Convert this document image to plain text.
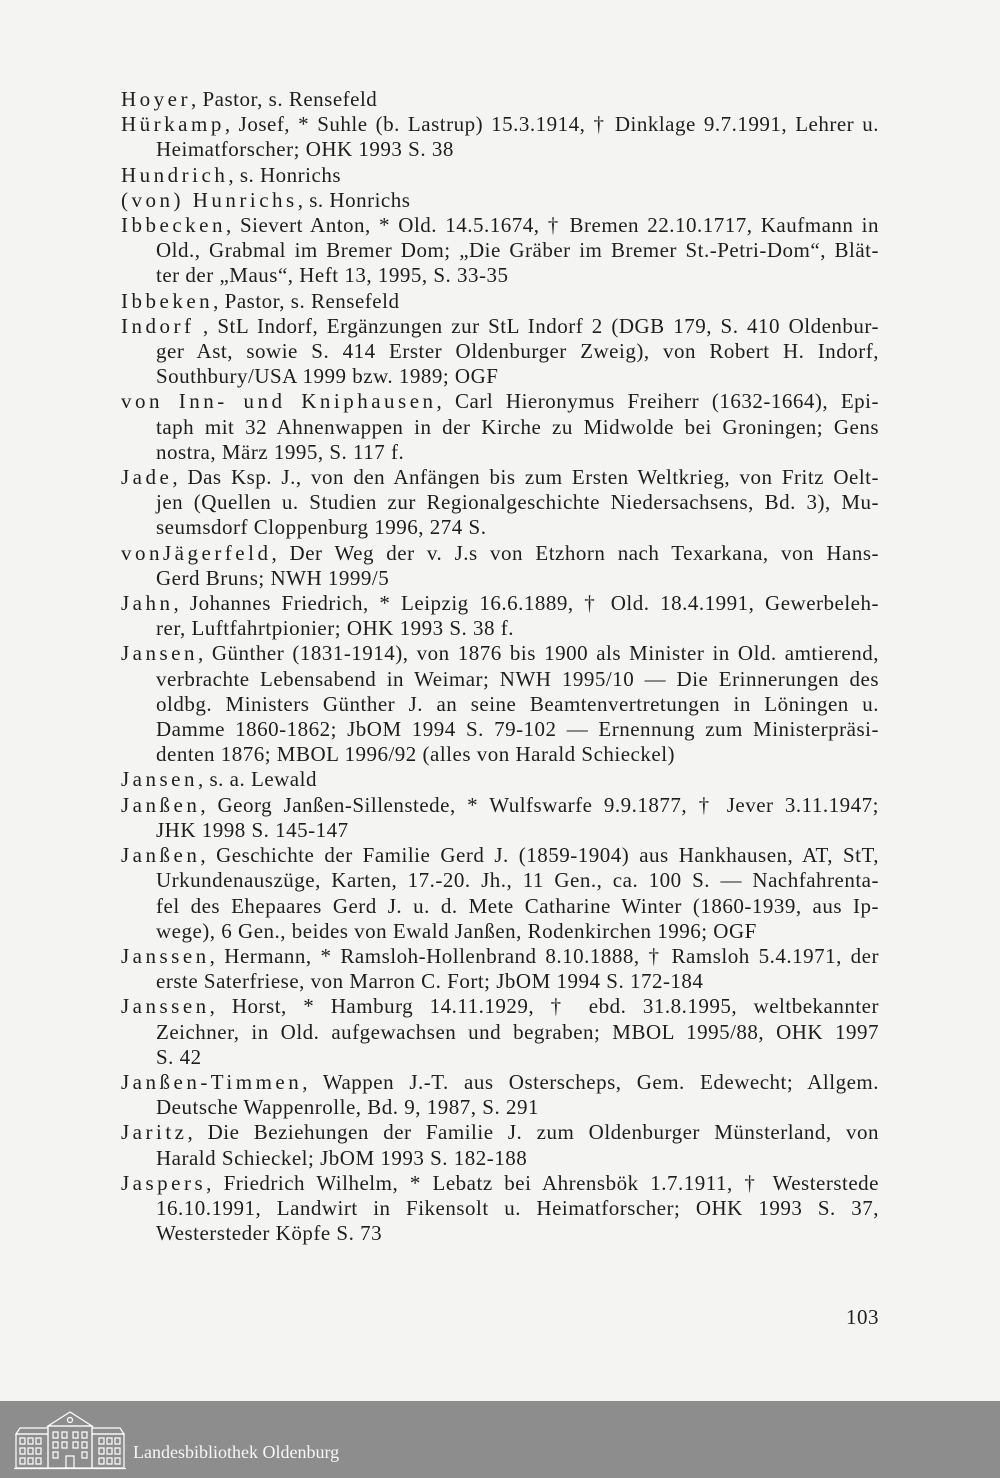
Hoyer, Pastor, s. Rensefeld
Hürkamp, Josef, * Suhle (b. Lastrup) 15.3.1914, † Dinklage 9.7.1991, Lehrer u.
Heimatforscher; OHK 1993 S. 38
Hundrich, s. Honrichs
(von) Hunrichs, s. Honrichs
Ibbecken, Sievert Anton, * Old. 14.5.1674, † Bremen 22.10.1717, Kaufmann in
Old., Grabmal im Bremer Dom; „Die Gräber im Bremer St.-Petri-Dom“, Blät-
ter der „Maus“, Heft 13, 1995, S. 33-35
Ibbeken, Pastor, s. Rensefeld
Indorf , StL Indorf, Ergänzungen zur StL Indorf 2 (DGB 179, S. 410 Oldenbur-
ger Ast, sowie S. 414 Erster Oldenburger Zweig), von Robert H. Indorf,
Southbury/USA 1999 bzw. 1989; OGF
von Inn- und Kniphausen, Carl Hieronymus Freiherr (1632-1664), Epi-
taph mit 32 Ahnenwappen in der Kirche zu Midwolde bei Groningen; Gens
nostra, März 1995, S. 117 f.
Jade, Das Ksp. J., von den Anfängen bis zum Ersten Weltkrieg, von Fritz Oelt-
jen (Quellen u. Studien zur Regionalgeschichte Niedersachsens, Bd. 3), Mu-
seumsdorf Cloppenburg 1996, 274 S.
vonJägerfeld, Der Weg der v. J.s von Etzhorn nach Texarkana, von Hans-
Gerd Bruns; NWH 1999/5
Jahn, Johannes Friedrich, * Leipzig 16.6.1889, † Old. 18.4.1991, Gewerbeleh-
rer, Luftfahrtpionier; OHK 1993 S. 38 f.
Jansen, Günther (1831-1914), von 1876 bis 1900 als Minister in Old. amtierend,
verbrachte Lebensabend in Weimar; NWH 1995/10 — Die Erinnerungen des
oldbg. Ministers Günther J. an seine Beamtenvertretungen in Löningen u.
Damme 1860-1862; JbOM 1994 S. 79-102 — Ernennung zum Ministerpräsi-
denten 1876; MBOL 1996/92 (alles von Harald Schieckel)
Jansen, s. a. Lewald
Janßen, Georg Janßen-Sillenstede, * Wulfswarfe 9.9.1877, † Jever 3.11.1947;
JHK 1998 S. 145-147
Janßen, Geschichte der Familie Gerd J. (1859-1904) aus Hankhausen, AT, StT,
Urkundenauszüge, Karten, 17.-20. Jh., 11 Gen., ca. 100 S. — Nachfahrenta-
fel des Ehepaares Gerd J. u. d. Mete Catharine Winter (1860-1939, aus Ip-
wege), 6 Gen., beides von Ewald Janßen, Rodenkirchen 1996; OGF
Janssen, Hermann, * Ramsloh-Hollenbrand 8.10.1888, † Ramsloh 5.4.1971, der
erste Saterfriese, von Marron C. Fort; JbOM 1994 S. 172-184
Janssen, Horst, * Hamburg 14.11.1929, † ebd. 31.8.1995, weltbekannter
Zeichner, in Old. aufgewachsen und begraben; MBOL 1995/88, OHK 1997
S. 42
Janßen-Timmen, Wappen J.-T. aus Osterscheps, Gem. Edewecht; Allgem.
Deutsche Wappenrolle, Bd. 9, 1987, S. 291
Jaritz, Die Beziehungen der Familie J. zum Oldenburger Münsterland, von
Harald Schieckel; JbOM 1993 S. 182-188
Jaspers, Friedrich Wilhelm, * Lebatz bei Ahrensbök 1.7.1911, † Westerstede
16.10.1991, Landwirt in Fikensolt u. Heimatforscher; OHK 1993 S. 37,
Westersteder Köpfe S. 73
103
Landesbibliothek Oldenburg
